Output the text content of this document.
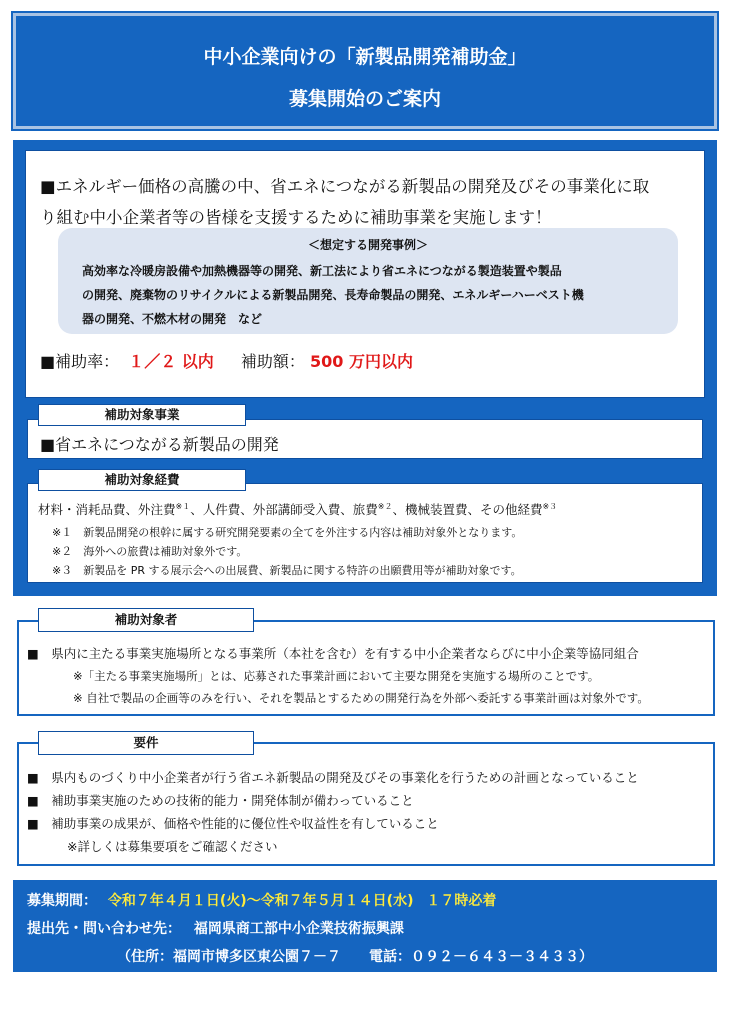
中小企業向けの「新製品開発補助金」
募集開始のご案内
■エネルギー価格の高騰の中、省エネにつながる新製品の開発及びその事業化に取
り組む中小企業者等の皆様を支援するために補助事業を実施します！
■補助率： １／２ 以内 補助額： 500 万円以内
＜想定する開発事例＞
高効率な冷暖房設備や加熱機器等の開発、新工法により省エネにつながる製造装置や製品
の開発、廃棄物のリサイクルによる新製品開発、長寿命製品の開発、エネルギーハーベスト機
器の開発、不燃木材の開発　など
■省エネにつながる新製品の開発
補助対象事業
材料・消耗品費、外注費$^{※1}$、人件費、外部講師受入費、旅費$^{※2}$、機械装置費、その他経費$^{※3}$
※１　新製品開発の根幹に属する研究開発要素の全てを外注する内容は補助対象外となります。
※２　海外への旅費は補助対象外です。
※３　新製品を PR する展示会への出展費、新製品に関する特許の出願費用等が補助対象です。
補助対象経費
■　県内に主たる事業実施場所となる事業所（本社を含む）を有する中小企業者ならびに中小企業等協同組合
※「主たる事業実施場所」とは、応募された事業計画において主要な開発を実施する場所のことです。
※ 自社で製品の企画等のみを行い、それを製品とするための開発行為を外部へ委託する事業計画は対象外です。
補助対象者
■　県内ものづくり中小企業者が行う省エネ新製品の開発及びその事業化を行うための計画となっていること
■　補助事業実施のための技術的能力・開発体制が備わっていること
■　補助事業の成果が、価格や性能的に優位性や収益性を有していること
※詳しくは募集要項をご確認ください
要件
募集期間： 令和７年４月１日(火)～令和７年５月１４日(水) １７時必着
提出先・問い合わせ先： 福岡県商工部中小企業技術振興課
（住所：福岡市博多区東公園７－７　　電話：０９２－６４３－３４３３）
